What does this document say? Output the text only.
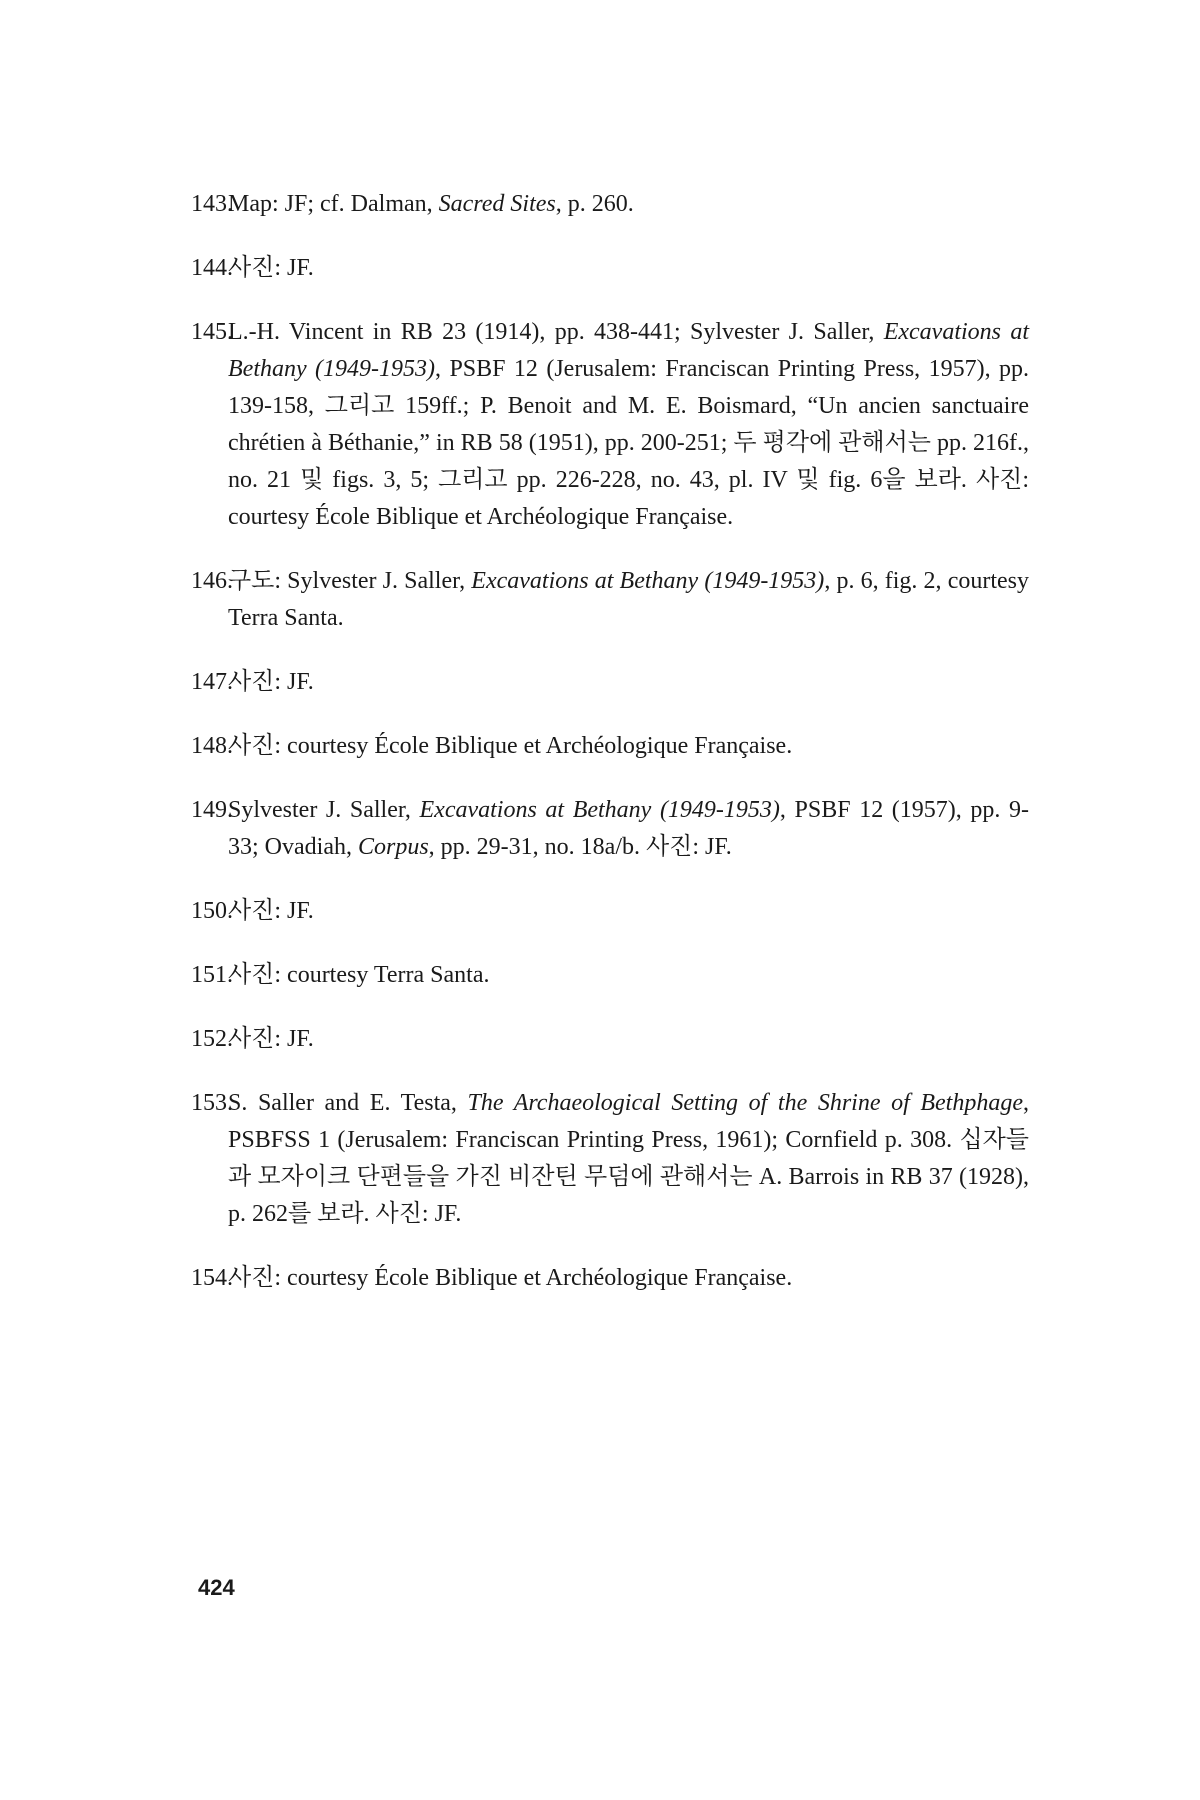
143.
Map: JF; cf. Dalman, Sacred Sites, p. 260.
144.
사진: JF.
145.
L.-H. Vincent in RB 23 (1914), pp. 438-441; Sylvester J. Saller, Excavations at Bethany (1949-1953), PSBF 12 (Jerusalem: Franciscan Printing Press, 1957), pp. 139-158, 그리고 159ff.; P. Benoit and M. E. Boismard, “Un ancien sanctuaire chrétien à Béthanie,” in RB 58 (1951), pp. 200-251; 두 평각에 관해서는 pp. 216f., no. 21 및 figs. 3, 5; 그리고 pp. 226-228, no. 43, pl. IV 및 fig. 6을 보라. 사진: courtesy École Biblique et Archéologique Française.
146.
구도: Sylvester J. Saller, Excavations at Bethany (1949-1953), p. 6, fig. 2, courtesy Terra Santa.
147.
사진: JF.
148.
사진: courtesy École Biblique et Archéologique Française.
149.
Sylvester J. Saller, Excavations at Bethany (1949-1953), PSBF 12 (1957), pp. 9-33; Ovadiah, Corpus, pp. 29-31, no. 18a/b. 사진: JF.
150.
사진: JF.
151.
사진: courtesy Terra Santa.
152.
사진: JF.
153.
S. Saller and E. Testa, The Archaeological Setting of the Shrine of Bethphage, PSBFSS 1 (Jerusalem: Franciscan Printing Press, 1961); Cornfield p. 308. 십자들과 모자이크 단편들을 가진 비잔틴 무덤에 관해서는 A. Barrois in RB 37 (1928), p. 262를 보라. 사진: JF.
154.
사진: courtesy École Biblique et Archéologique Française.
424
